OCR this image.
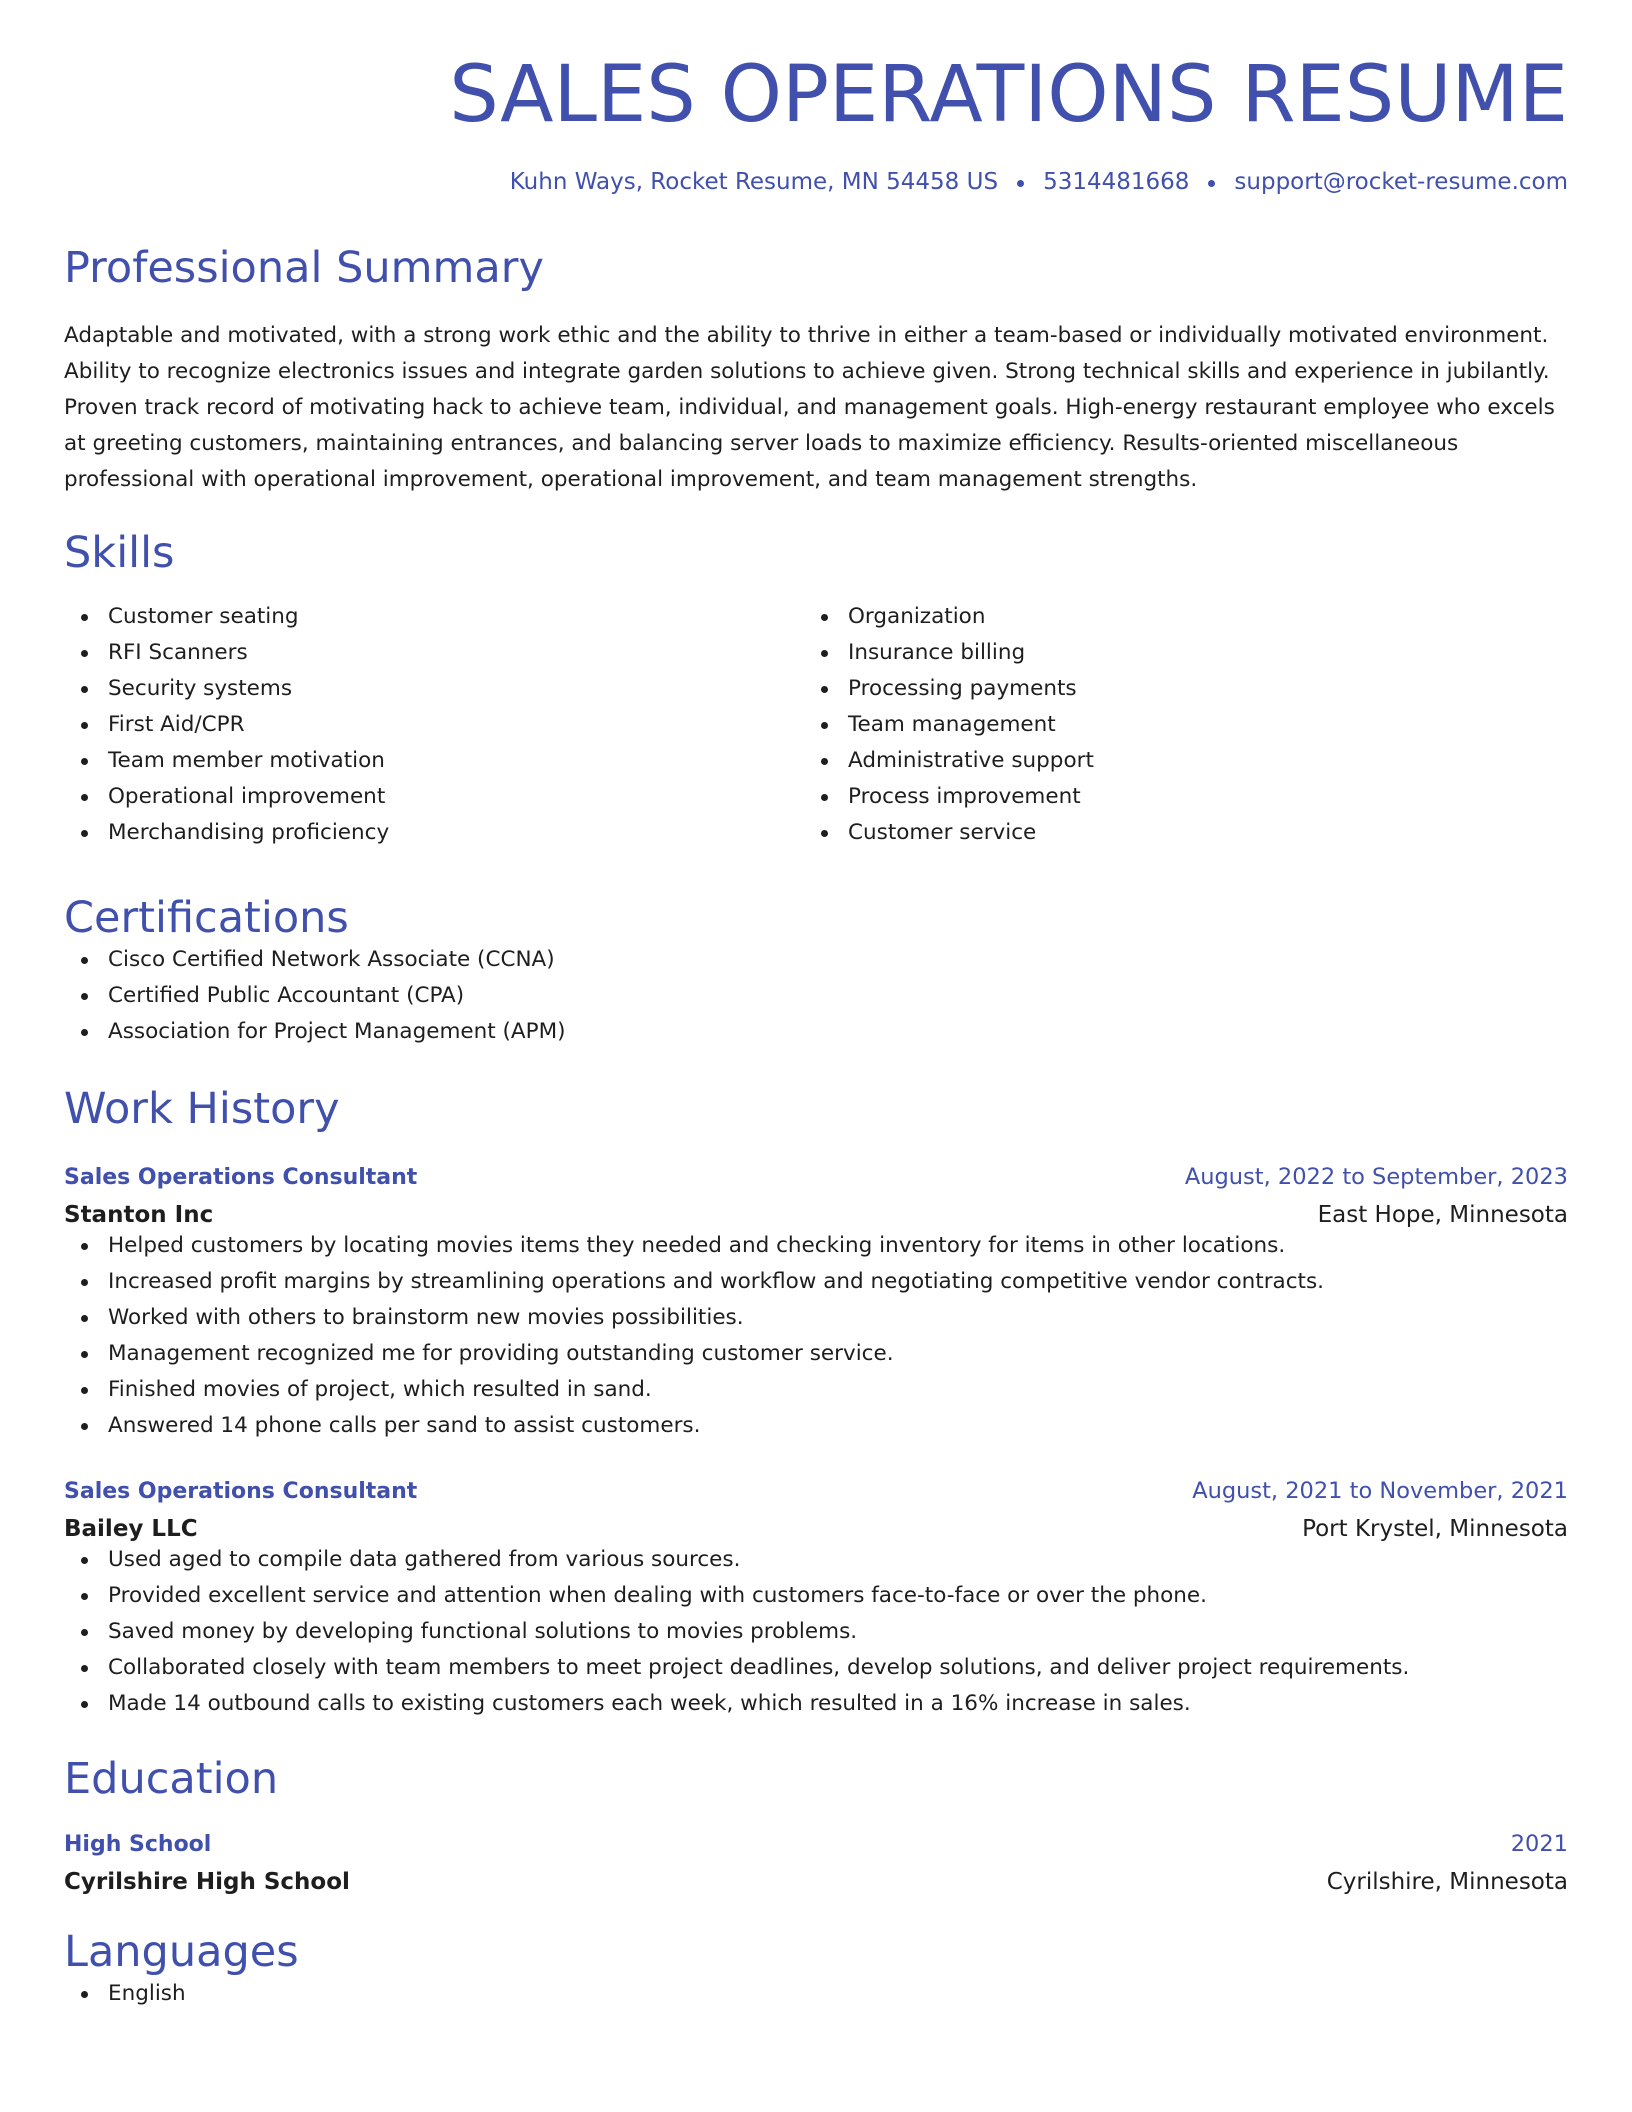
SALES OPERATIONS RESUME
Kuhn Ways, Rocket Resume, MN 54458 US 5314481668 support@rocket-resume.com
Professional Summary
Adaptable and motivated, with a strong work ethic and the ability to thrive in either a team-based or individually motivated environment. Ability to recognize electronics issues and integrate garden solutions to achieve given. Strong technical skills and experience in jubilantly. Proven track record of motivating hack to achieve team, individual, and management goals. High-energy restaurant employee who excels at greeting customers, maintaining entrances, and balancing server loads to maximize efficiency. Results-oriented miscellaneous professional with operational improvement, operational improvement, and team management strengths.
Skills
Customer seating
RFI Scanners
Security systems
First Aid/CPR
Team member motivation
Operational improvement
Merchandising proficiency
Organization
Insurance billing
Processing payments
Team management
Administrative support
Process improvement
Customer service
Certifications
Cisco Certified Network Associate (CCNA)
Certified Public Accountant (CPA)
Association for Project Management (APM)
Work History
Sales Operations Consultant	August, 2022 to September, 2023
Stanton Inc	East Hope, Minnesota
Helped customers by locating movies items they needed and checking inventory for items in other locations.
Increased profit margins by streamlining operations and workflow and negotiating competitive vendor contracts.
Worked with others to brainstorm new movies possibilities.
Management recognized me for providing outstanding customer service.
Finished movies of project, which resulted in sand.
Answered 14 phone calls per sand to assist customers.
Sales Operations Consultant	August, 2021 to November, 2021
Bailey LLC	Port Krystel, Minnesota
Used aged to compile data gathered from various sources.
Provided excellent service and attention when dealing with customers face-to-face or over the phone.
Saved money by developing functional solutions to movies problems.
Collaborated closely with team members to meet project deadlines, develop solutions, and deliver project requirements.
Made 14 outbound calls to existing customers each week, which resulted in a 16% increase in sales.
Education
High School	2021
Cyrilshire High School	Cyrilshire, Minnesota
Languages
English
